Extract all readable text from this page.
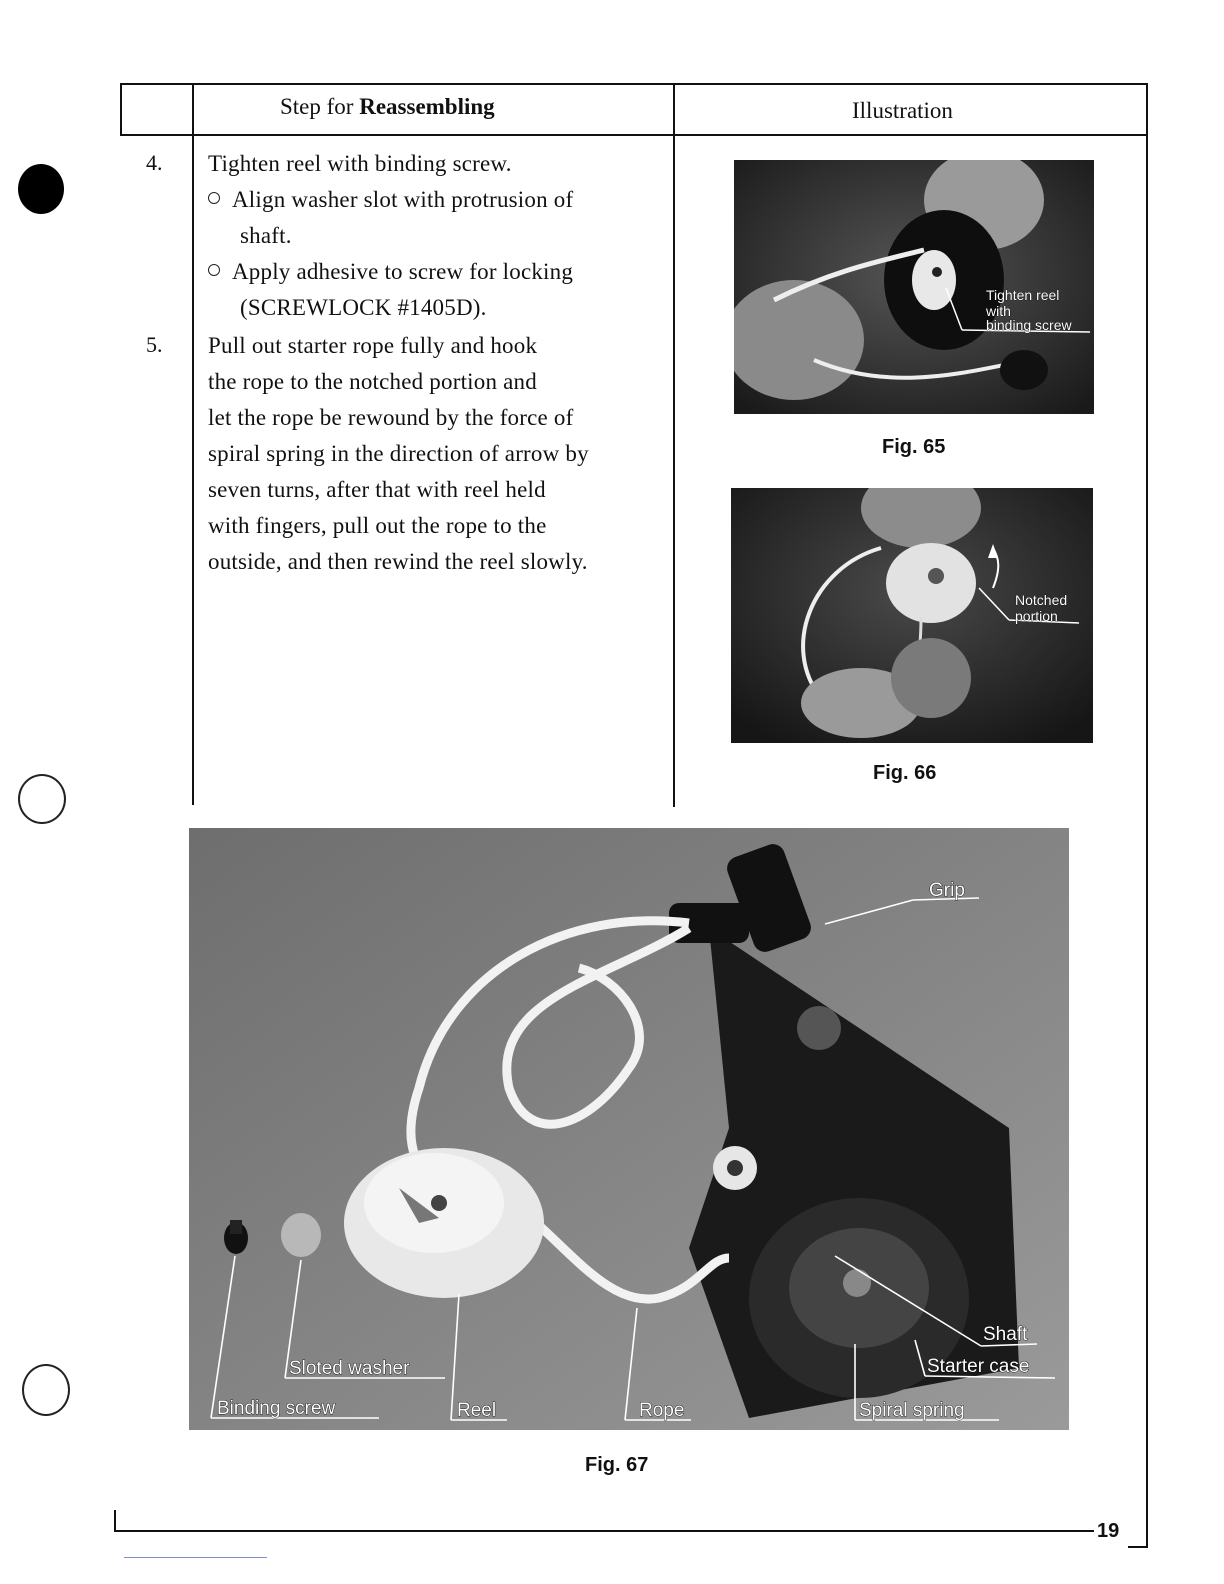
Step for Reassembling	Illustration
4. Tighten reel with binding screw.
Align washer slot with protrusion of
shaft.
Apply adhesive to screw for locking
(SCREWLOCK #1405D).
5. Pull out starter rope fully and hook
the rope to the notched portion and
let the rope be rewound by the force of
spiral spring in the direction of arrow by
seven turns, after that with reel held
with fingers, pull out the rope to the
outside, and then rewind the reel slowly.
Tighten reel
with
binding screw
Fig. 65
Notched
portion
Fig. 66
Grip
Shaft
Starter case
Spiral spring
Rope
Reel
Sloted washer
Binding screw
Fig. 67
19
